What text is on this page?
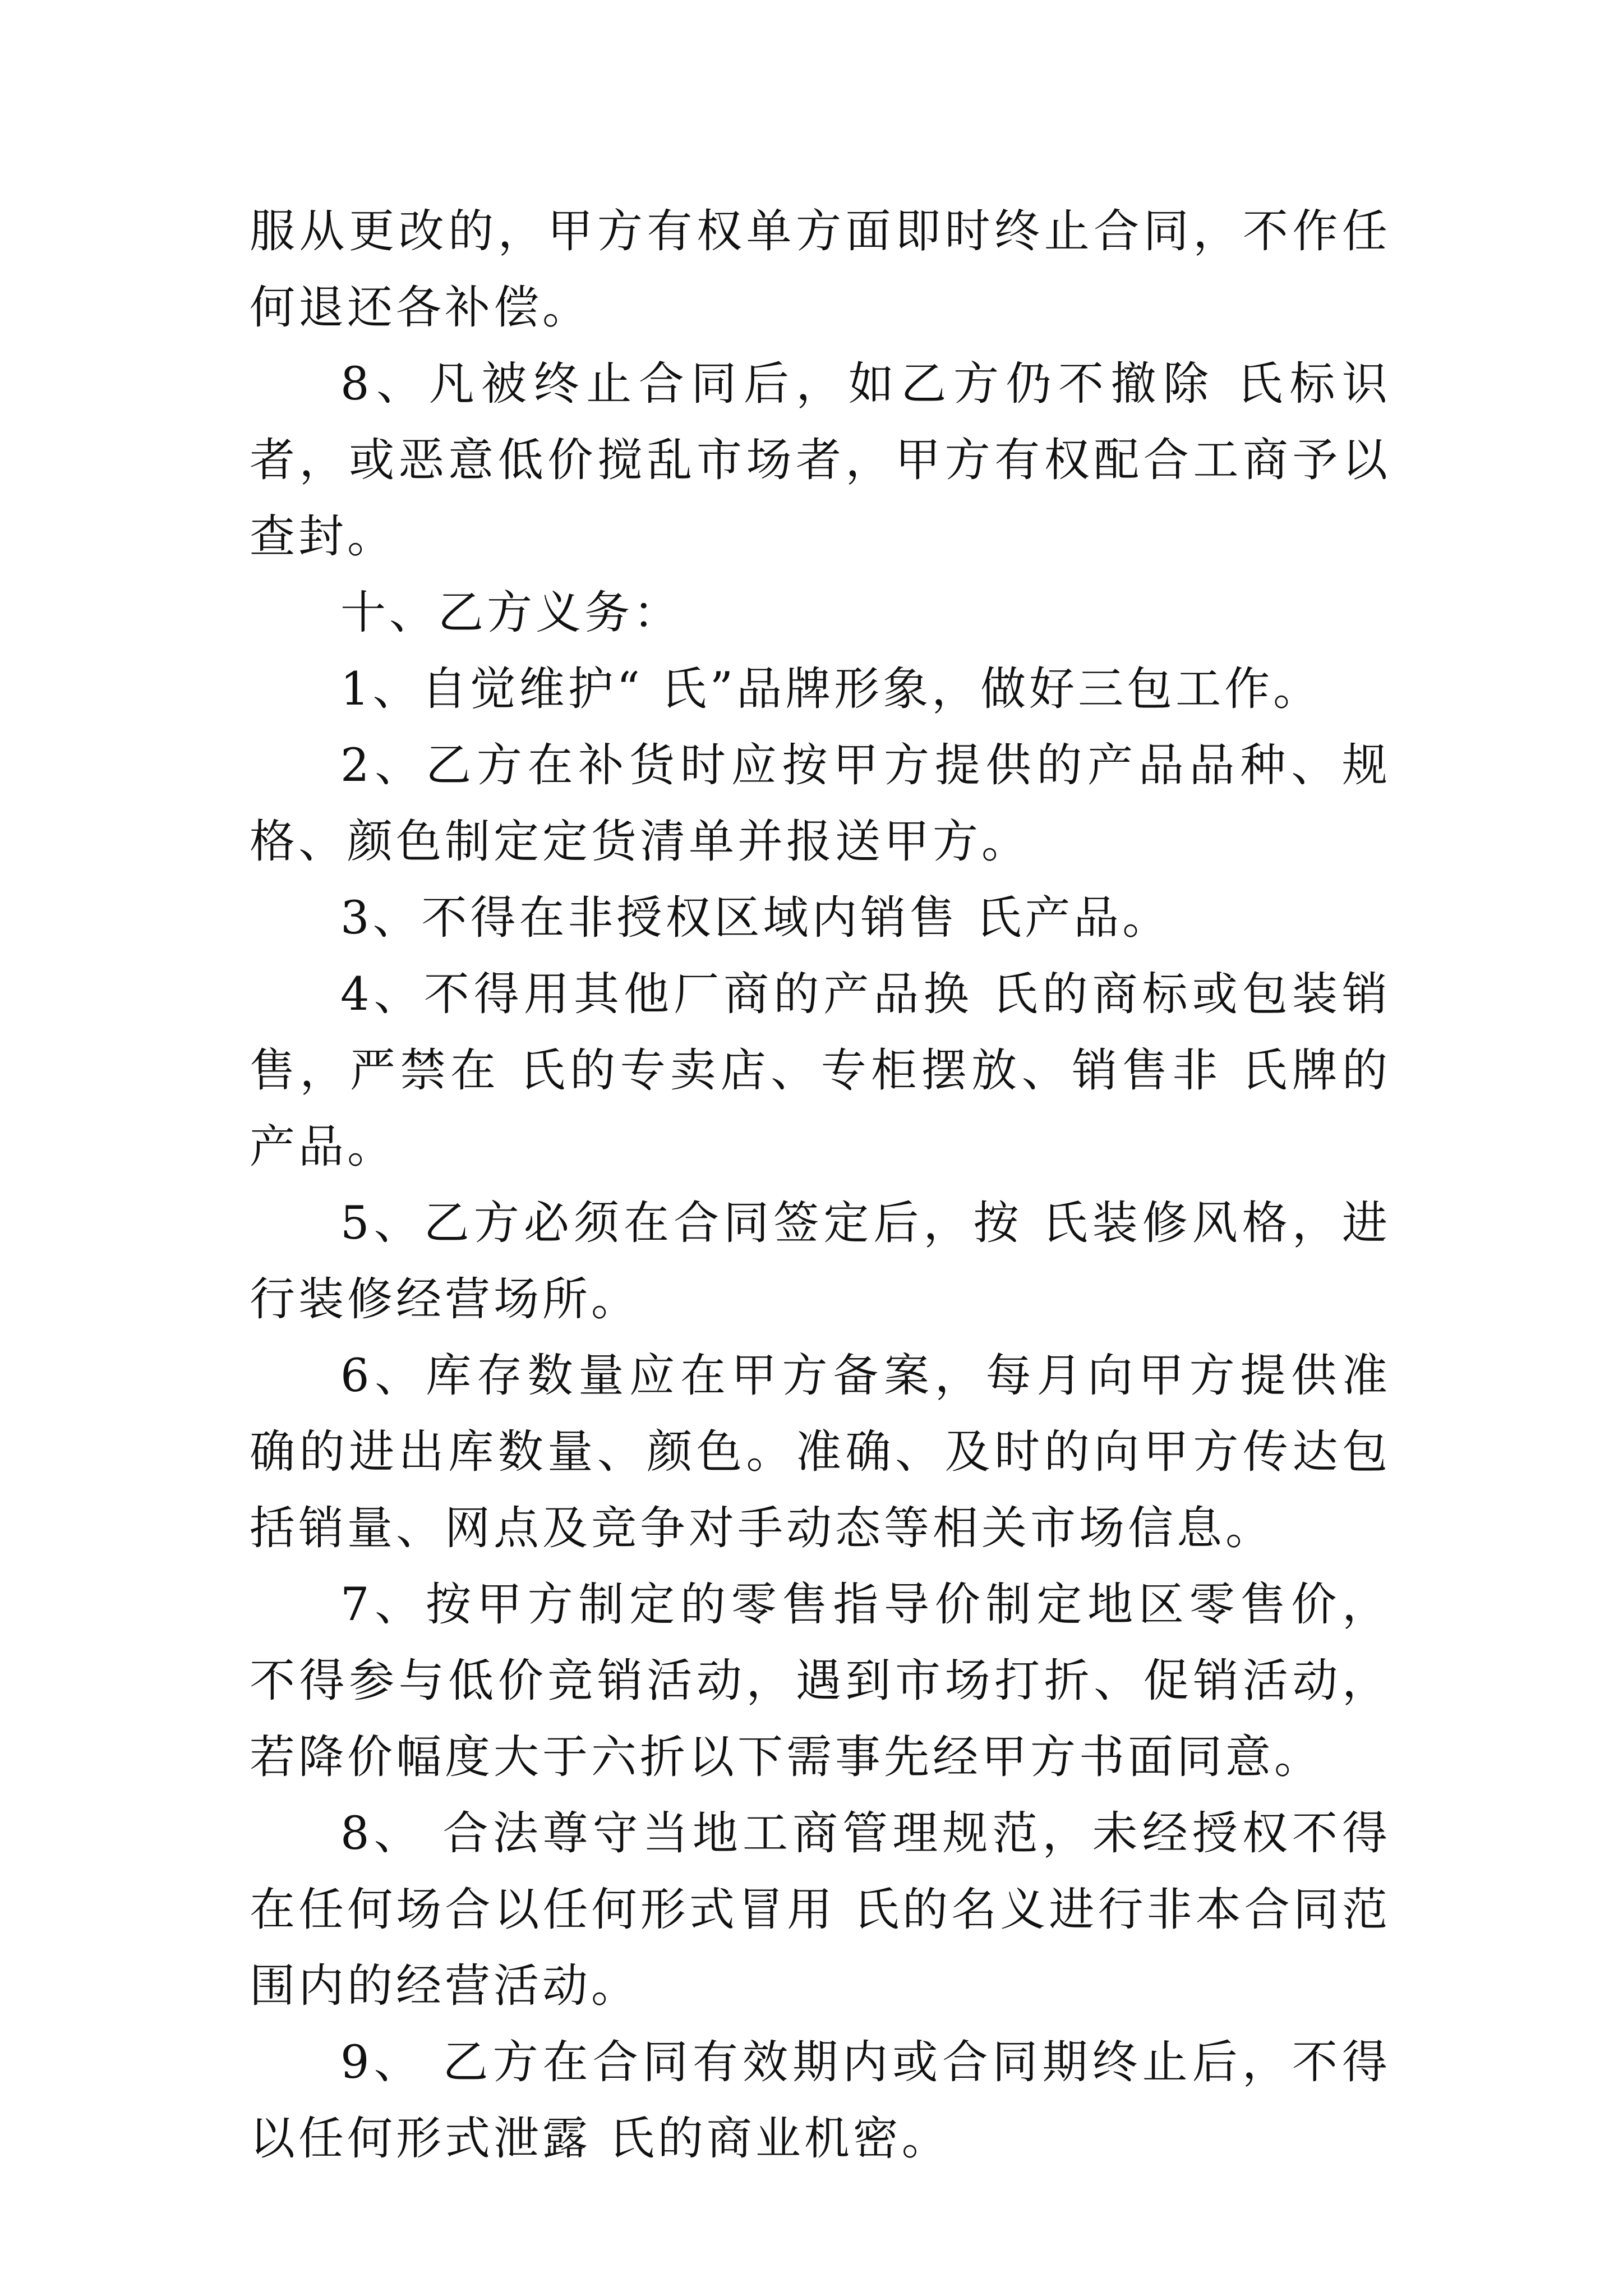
服从更改的，甲方有权单方面即时终止合同，不作任何退还各补偿。

8、凡被终止合同后，如乙方仍不撤除 氏标识者，或恶意低价搅乱市场者，甲方有权配合工商予以查封。

十、乙方义务：

1、自觉维护“ 氏”品牌形象，做好三包工作。

2、乙方在补货时应按甲方提供的产品品种、规格、颜色制定定货清单并报送甲方。

3、不得在非授权区域内销售 氏产品。

4、不得用其他厂商的产品换 氏的商标或包装销售，严禁在 氏的专卖店、专柜摆放、销售非 氏牌的产品。

5、乙方必须在合同签定后，按 氏装修风格，进行装修经营场所。

6、库存数量应在甲方备案，每月向甲方提供准确的进出库数量、颜色。准确、及时的向甲方传达包括销量、网点及竞争对手动态等相关市场信息。

7、按甲方制定的零售指导价制定地区零售价，不得参与低价竞销活动，遇到市场打折、促销活动，若降价幅度大于六折以下需事先经甲方书面同意。

8、 合法尊守当地工商管理规范，未经授权不得在任何场合以任何形式冒用 氏的名义进行非本合同范围内的经营活动。

9、 乙方在合同有效期内或合同期终止后，不得以任何形式泄露 氏的商业机密。
